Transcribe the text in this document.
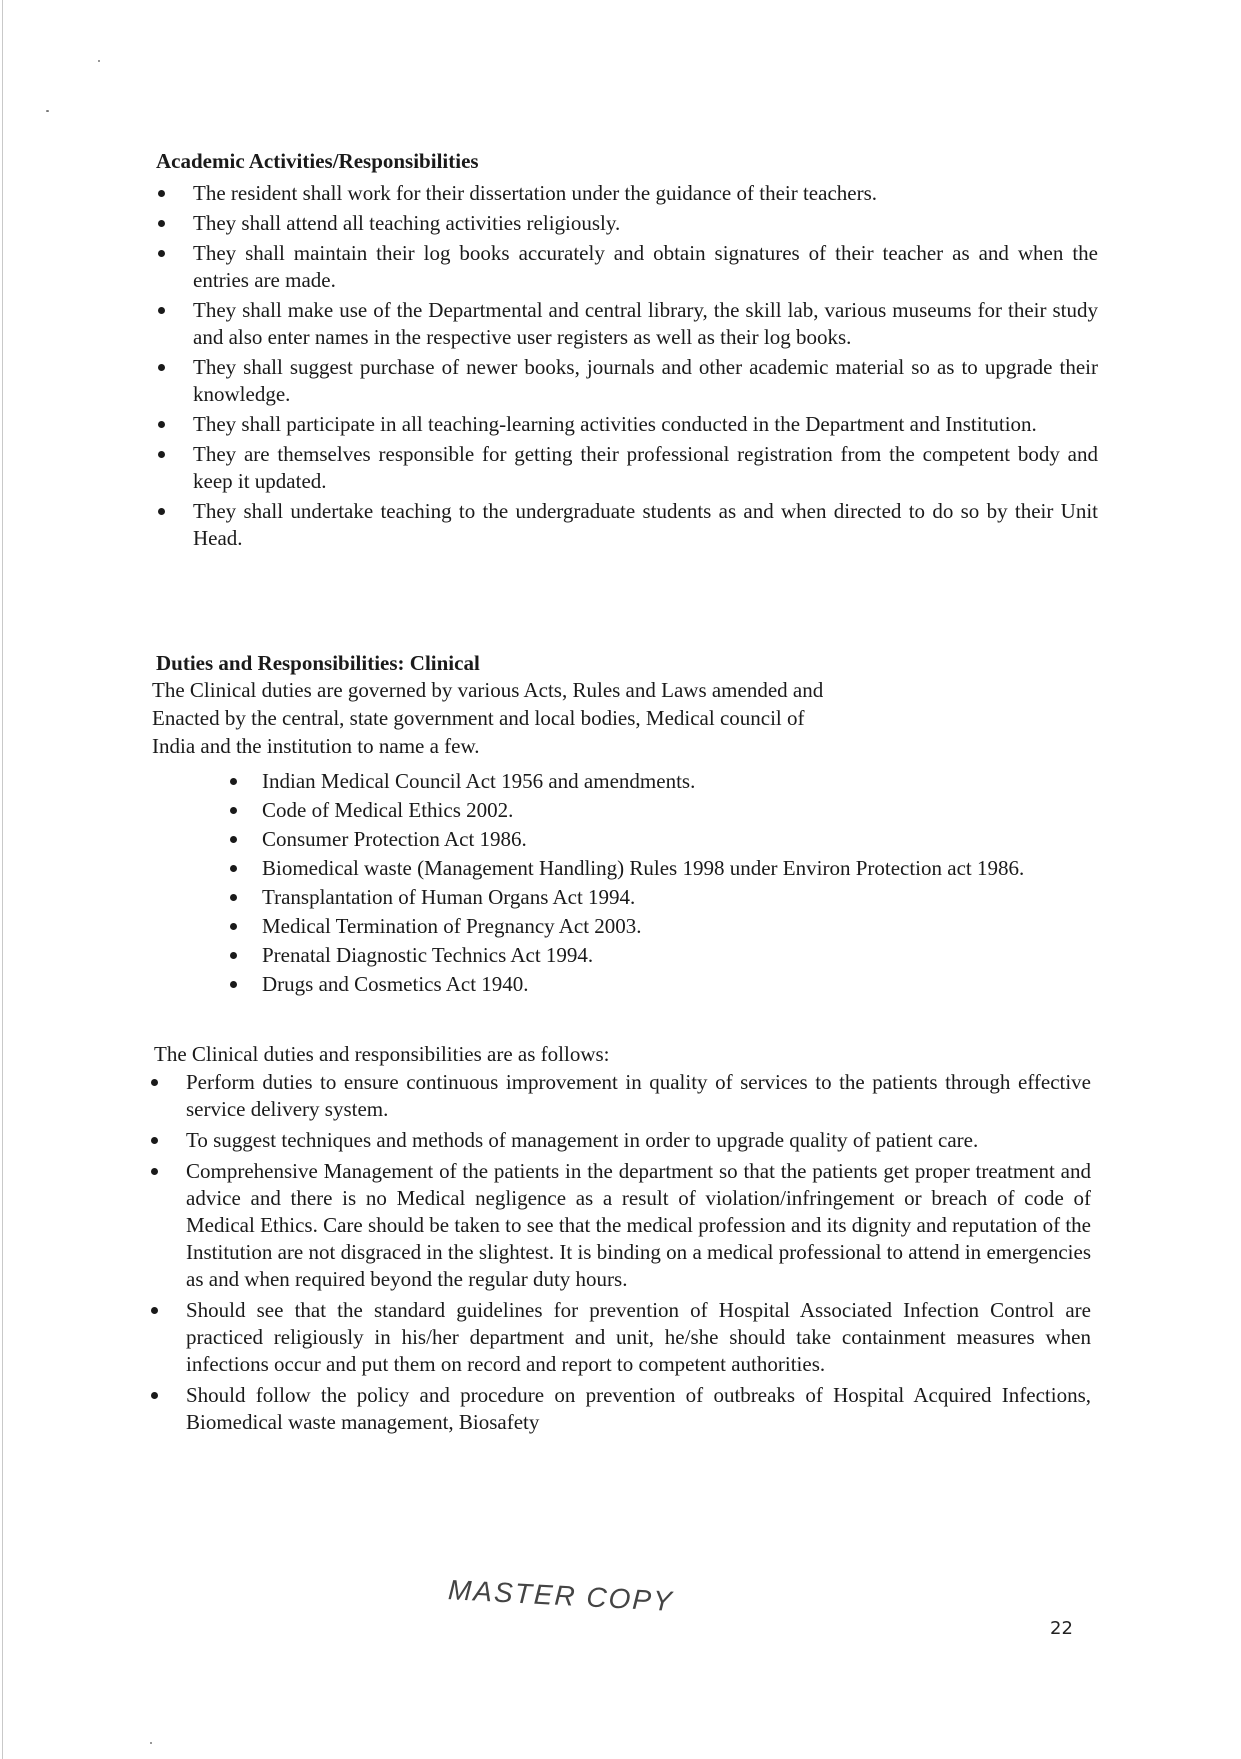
Academic Activities/Responsibilities
The resident shall work for their dissertation under the guidance of their teachers.
They shall attend all teaching activities religiously.
They shall maintain their log books accurately and obtain signatures of their teacher as and when the entries are made.
They shall make use of the Departmental and central library, the skill lab, various museums for their study and also enter names in the respective user registers as well as their log books.
They shall suggest purchase of newer books, journals and other academic material so as to upgrade their knowledge.
They shall participate in all teaching-learning activities conducted in the Department and Institution.
They are themselves responsible for getting their professional registration from the competent body and keep it updated.
They shall undertake teaching to the undergraduate students as and when directed to do so by their Unit Head.
Duties and Responsibilities: Clinical

The Clinical duties are governed by various Acts, Rules and Laws amended and

Enacted by the central, state government and local bodies, Medical council of

India and the institution to name a few.

Indian Medical Council Act 1956 and amendments.
Code of Medical Ethics 2002.
Consumer Protection Act 1986.
Biomedical waste (Management Handling) Rules 1998 under Environ Protection act 1986.
Transplantation of Human Organs Act 1994.
Medical Termination of Pregnancy Act 2003.
Prenatal Diagnostic Technics Act 1994.
Drugs and Cosmetics Act 1940.

The Clinical duties and responsibilities are as follows:

Perform duties to ensure continuous improvement in quality of services to the patients through effective service delivery system.
To suggest techniques and methods of management in order to upgrade quality of patient care.
Comprehensive Management of the patients in the department so that the patients get proper treatment and advice and there is no Medical negligence as a result of violation/infringement or breach of code of Medical Ethics. Care should be taken to see that the medical profession and its dignity and reputation of the Institution are not disgraced in the slightest. It is binding on a medical professional to attend in emergencies as and when required beyond the regular duty hours.
Should see that the standard guidelines for prevention of Hospital Associated Infection Control are practiced religiously in his/her department and unit, he/she should take containment measures when infections occur and put them on record and report to competent authorities.
Should follow the policy and procedure on prevention of outbreaks of Hospital Acquired Infections, Biomedical waste management, Biosafety
MASTER COPY
22
